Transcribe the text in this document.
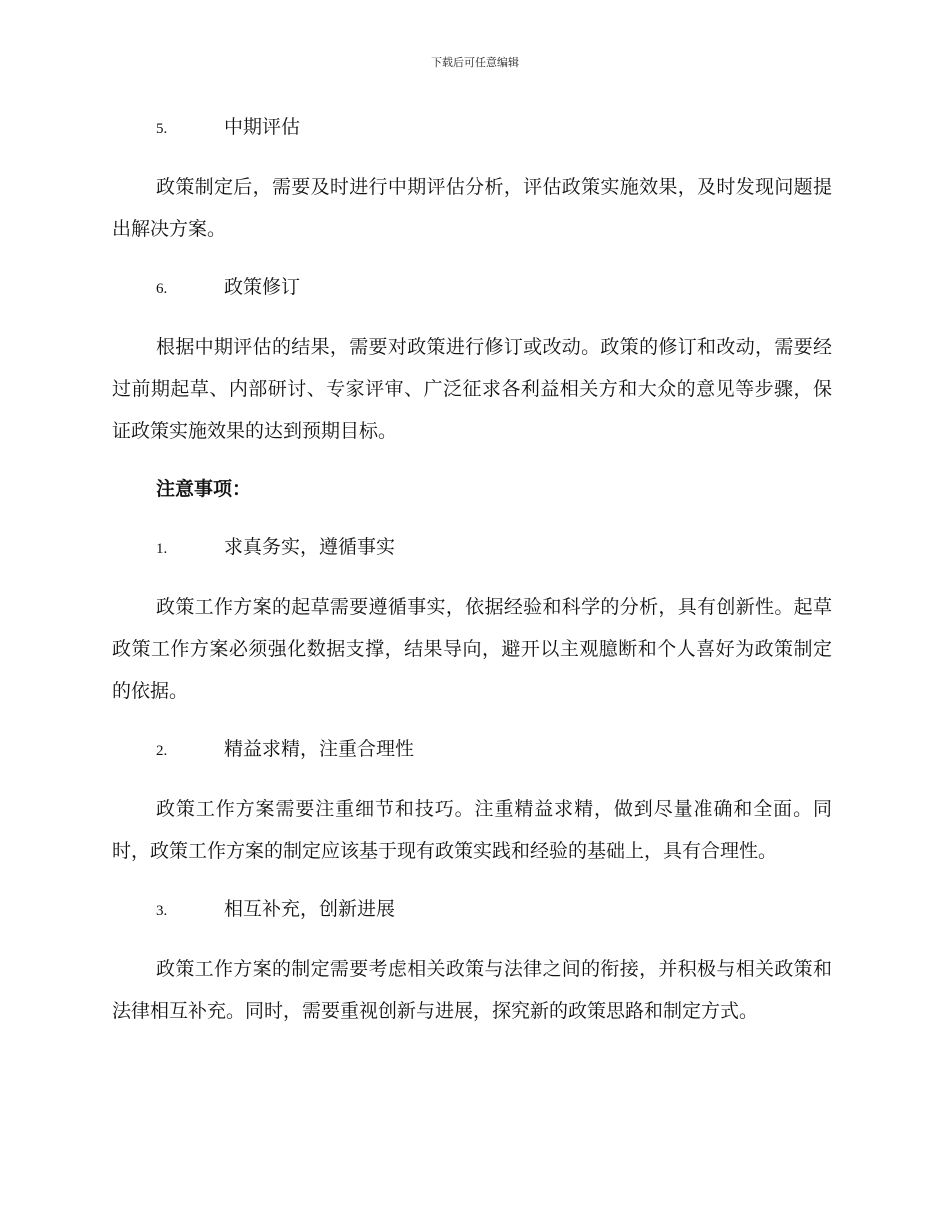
下载后可任意编辑
5.	中期评估

政策制定后，需要及时进行中期评估分析，评估政策实施效果，及时发现问题提出解决方案。

6.	政策修订

根据中期评估的结果，需要对政策进行修订或改动。政策的修订和改动，需要经过前期起草、内部研讨、专家评审、广泛征求各利益相关方和大众的意见等步骤，保证政策实施效果的达到预期目标。

注意事项：
1.	求真务实，遵循事实

政策工作方案的起草需要遵循事实，依据经验和科学的分析，具有创新性。起草政策工作方案必须强化数据支撑，结果导向，避开以主观臆断和个人喜好为政策制定的依据。

2.	精益求精，注重合理性

政策工作方案需要注重细节和技巧。注重精益求精，做到尽量准确和全面。同时，政策工作方案的制定应该基于现有政策实践和经验的基础上，具有合理性。

3.	相互补充，创新进展

政策工作方案的制定需要考虑相关政策与法律之间的衔接，并积极与相关政策和法律相互补充。同时，需要重视创新与进展，探究新的政策思路和制定方式。
